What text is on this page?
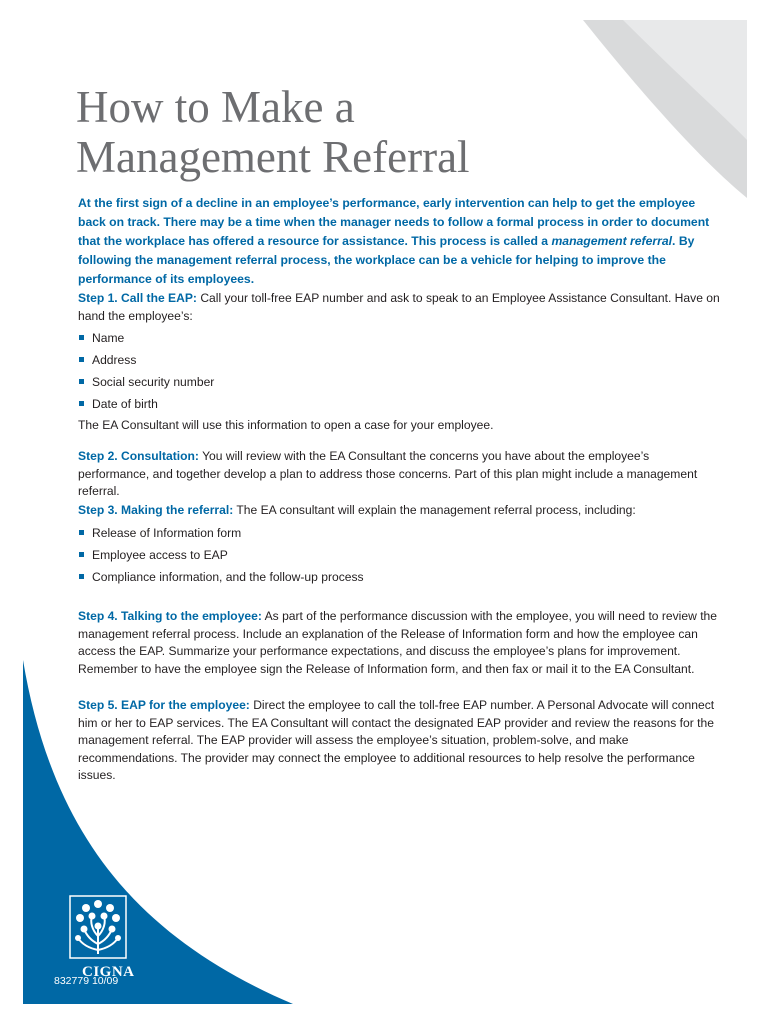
How to Make a
Management Referral

At the first sign of a decline in an employee’s performance, early intervention can help to get the employee back on track. There may be a time when the manager needs to follow a formal process in order to document that the workplace has offered a resource for assistance. This process is called a management referral. By following the management referral process, the workplace can be a vehicle for helping to improve the performance of its employees.

Step 1. Call the EAP: Call your toll-free EAP number and ask to speak to an Employee Assistance Consultant. Have on hand the employee’s:

Name
Address
Social security number
Date of birth

The EA Consultant will use this information to open a case for your employee.

Step 2. Consultation: You will review with the EA Consultant the concerns you have about the employee’s performance, and together develop a plan to address those concerns. Part of this plan might include a management referral.

Step 3. Making the referral: The EA consultant will explain the management referral process, including:

Release of Information form
Employee access to EAP
Compliance information, and the follow-up process

Step 4. Talking to the employee: As part of the performance discussion with the employee, you will need to review the management referral process. Include an explanation of the Release of Information form and how the employee can access the EAP. Summarize your performance expectations, and discuss the employee’s plans for improvement. Remember to have the employee sign the Release of Information form, and then fax or mail it to the EA Consultant.

Step 5. EAP for the employee: Direct the employee to call the toll-free EAP number. A Personal Advocate will connect him or her to EAP services. The EA Consultant will contact the designated EAP provider and review the reasons for the management referral. The EAP provider will assess the employee’s situation, problem-solve, and make recommendations. The provider may connect the employee to additional resources to help resolve the performance issues.

®
CIGNA
832779 10/09
